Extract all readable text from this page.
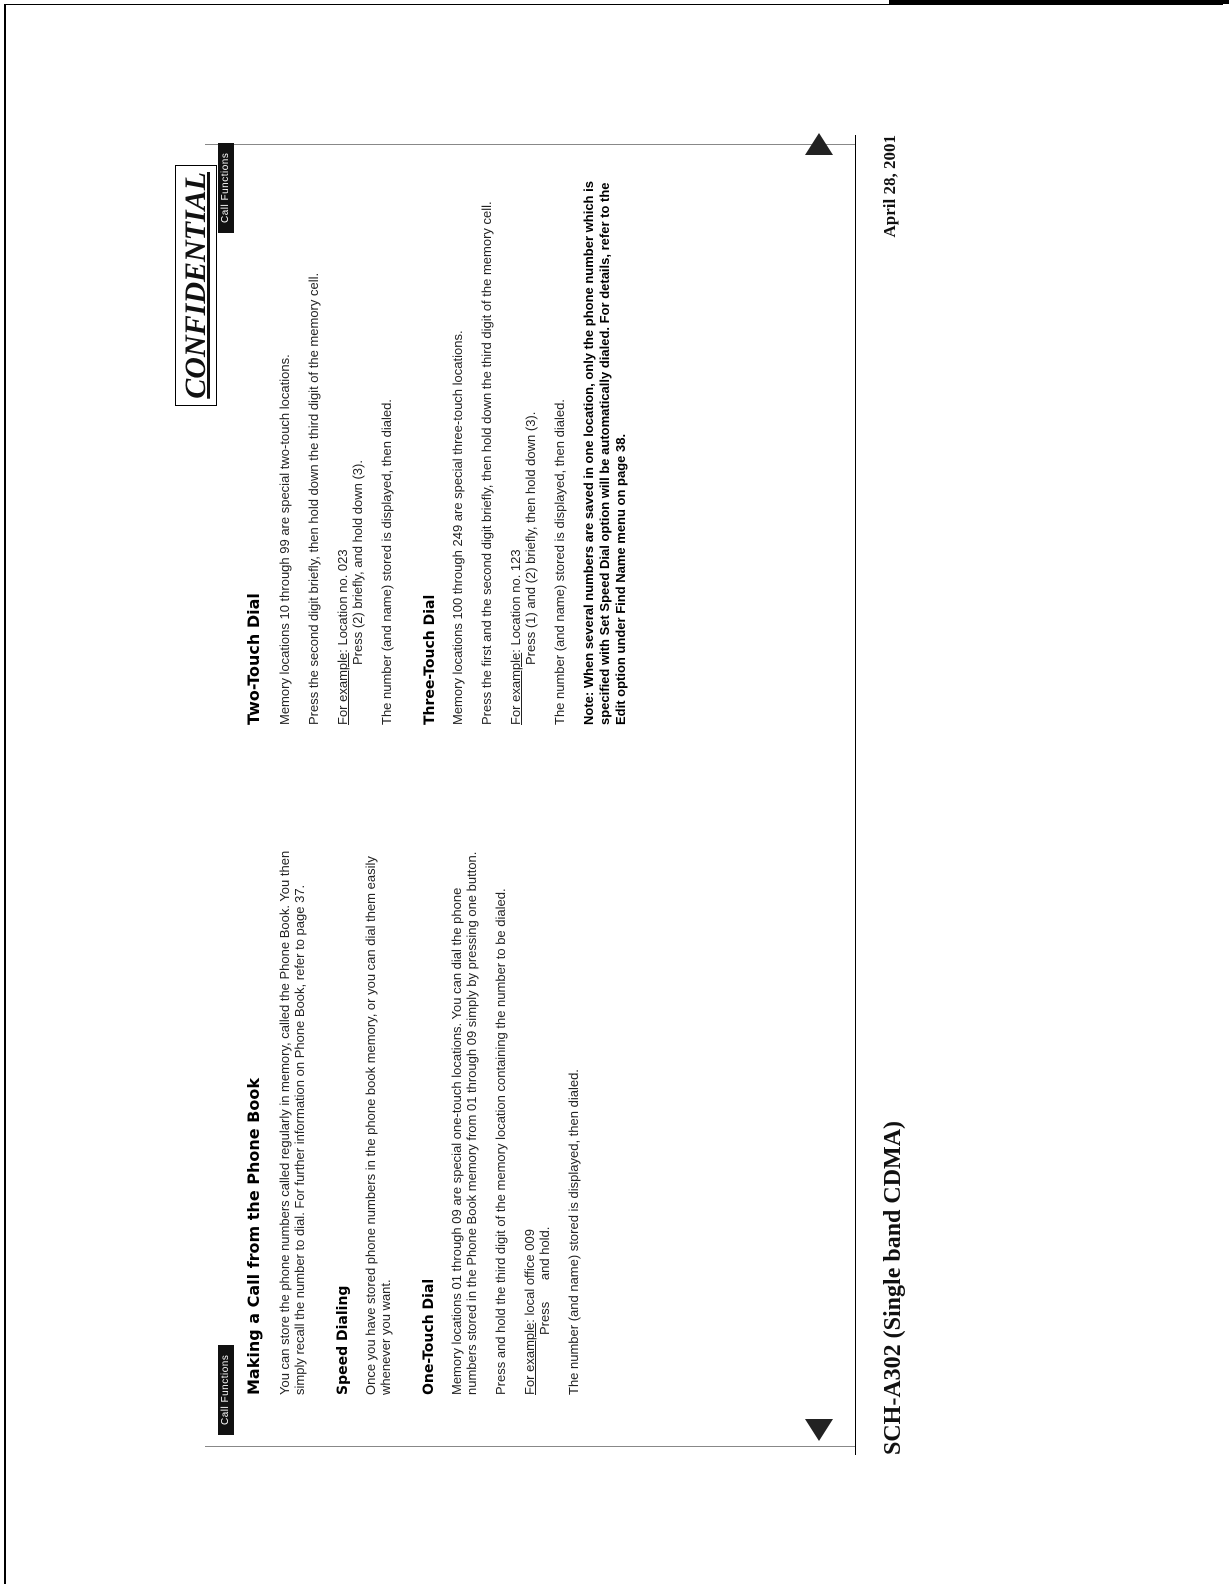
CONFIDENTIAL
Call Functions
Call Functions
Making a Call from the Phone Book You can store the phone numbers called regularly in memory, called the Phone Book. You then simply recall the number to dial. For further information on Phone Book, refer to page 37. Speed Dialing Once you have stored phone numbers in the phone book memory, or you can dial them easily whenever you want. One-Touch Dial Memory locations 01 through 09 are special one-touch locations. You can dial the phone numbers stored in the Phone Book memory from 01 through 09 simply by pressing one button. Press and hold the third digit of the memory location containing the number to be dialed. For example: local office 009 Press      and hold. The number (and name) stored is displayed, then dialed.

Two-Touch Dial Memory locations 10 through 99 are special two-touch locations. Press the second digit briefly, then hold down the third digit of the memory cell. For example: Location no. 023 Press (2) briefly, and hold down (3). The number (and name) stored is displayed, then dialed. Three-Touch Dial Memory locations 100 through 249 are special three-touch locations. Press the first and the second digit briefly, then hold down the third digit of the memory cell. For example: Location no. 123 Press (1) and (2) briefly, then hold down (3). The number (and name) stored is displayed, then dialed. Note: When several numbers are saved in one location, only the phone number which is specified with Set Speed Dial option will be automatically dialed. For details, refer to the Edit option under Find Name menu on page 38.

SCH-A302 (Single band CDMA)
April 28, 2001
